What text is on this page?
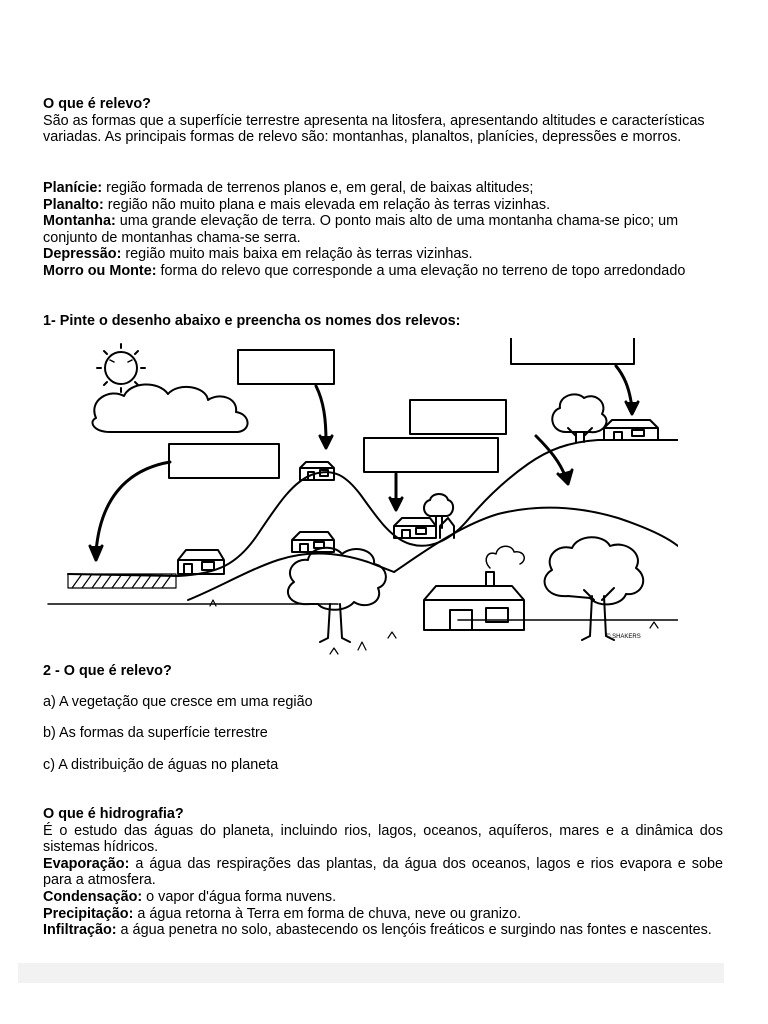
O que é relevo?

São as formas que a superfície terrestre apresenta na litosfera, apresentando altitudes e características variadas. As principais formas de relevo são: montanhas, planaltos, planícies, depressões e morros.

Planície: região formada de terrenos planos e, em geral, de baixas altitudes;

Planalto: região não muito plana e mais elevada em relação às terras vizinhas.

Montanha: uma grande elevação de terra. O ponto mais alto de uma montanha chama-se pico; um conjunto de montanhas chama-se serra.

Depressão: região muito mais baixa em relação às terras vizinhas.

Morro ou Monte: forma do relevo que corresponde a uma elevação no terreno de topo arredondado

1- Pinte o desenho abaixo e preencha os nomes dos relevos:

© SHAKERS

2 - O que é relevo?

a) A vegetação que cresce em uma região

b) As formas da superfície terrestre

c) A distribuição de águas no planeta

O que é hidrografia?

É o estudo das águas do planeta, incluindo rios, lagos, oceanos, aquíferos, mares e a dinâmica dos sistemas hídricos.

Evaporação: a água das respirações das plantas, da água dos oceanos, lagos e rios evapora e sobe para a atmosfera.

Condensação: o vapor d'água forma nuvens.

Precipitação: a água retorna à Terra em forma de chuva, neve ou granizo.

Infiltração: a água penetra no solo, abastecendo os lençóis freáticos e surgindo nas fontes e nascentes.
